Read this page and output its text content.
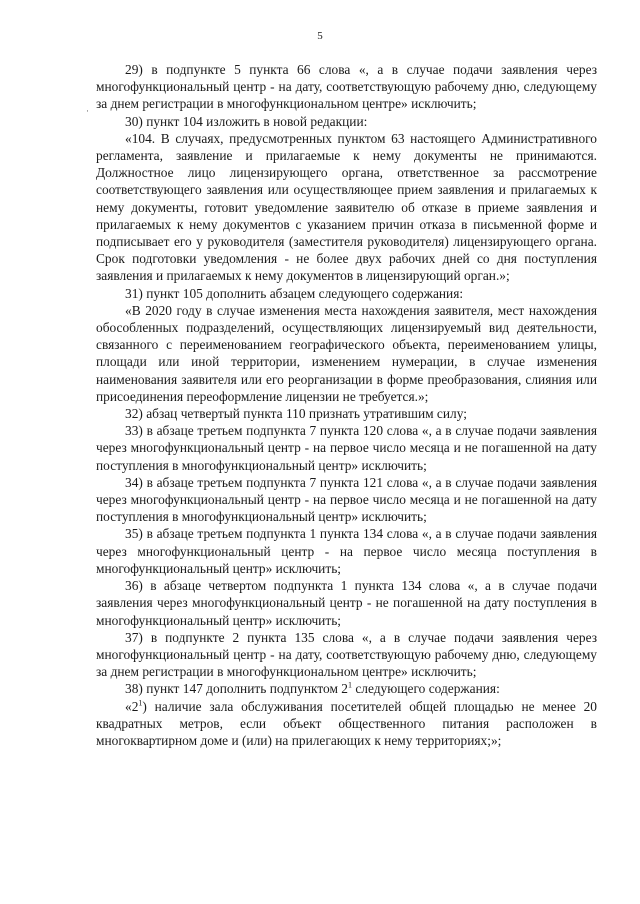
5
·

29) в подпункте 5 пункта 66 слова «, а в случае подачи заявления через многофункциональный центр - на дату, соответствующую рабочему дню, следующему за днем регистрации в многофункциональном центре» исключить;

30) пункт 104 изложить в новой редакции:

«104. В случаях, предусмотренных пунктом 63 настоящего Административного регламента, заявление и прилагаемые к нему документы не принимаются. Должностное лицо лицензирующего органа, ответственное за рассмотрение соответствующего заявления или осуществляющее прием заявления и прилагаемых к нему документы, готовит уведомление заявителю об отказе в приеме заявления и прилагаемых к нему документов с указанием причин отказа в письменной форме и подписывает его у руководителя (заместителя руководителя) лицензирующего органа. Срок подготовки уведомления - не более двух рабочих дней со дня поступления заявления и прилагаемых к нему документов в лицензирующий орган.»;

31) пункт 105 дополнить абзацем следующего содержания:

«В 2020 году в случае изменения места нахождения заявителя, мест нахождения обособленных подразделений, осуществляющих лицензируемый вид деятельности, связанного с переименованием географического объекта, переименованием улицы, площади или иной территории, изменением нумерации, в случае изменения наименования заявителя или его реорганизации в форме преобразования, слияния или присоединения переоформление лицензии не требуется.»;

32) абзац четвертый пункта 110 признать утратившим силу;

33) в абзаце третьем подпункта 7 пункта 120 слова «, а в случае подачи заявления через многофункциональный центр - на первое число месяца и не погашенной на дату поступления в многофункциональный центр» исключить;

34) в абзаце третьем подпункта 7 пункта 121 слова «, а в случае подачи заявления через многофункциональный центр - на первое число месяца и не погашенной на дату поступления в многофункциональный центр» исключить;

35) в абзаце третьем подпункта 1 пункта 134 слова «, а в случае подачи заявления через многофункциональный центр - на первое число месяца поступления в многофункциональный центр» исключить;

36) в абзаце четвертом подпункта 1 пункта 134 слова «, а в случае подачи заявления через многофункциональный центр - не погашенной на дату поступления в многофункциональный центр» исключить;

37) в подпункте 2 пункта 135 слова «, а в случае подачи заявления через многофункциональный центр - на дату, соответствующую рабочему дню, следующему за днем регистрации в многофункциональном центре» исключить;

38) пункт 147 дополнить подпунктом $2^1$ следующего содержания:

«$2^1$) наличие зала обслуживания посетителей общей площадью не менее 20 квадратных метров, если объект общественного питания расположен в многоквартирном доме и (или) на прилегающих к нему территориях;»;
